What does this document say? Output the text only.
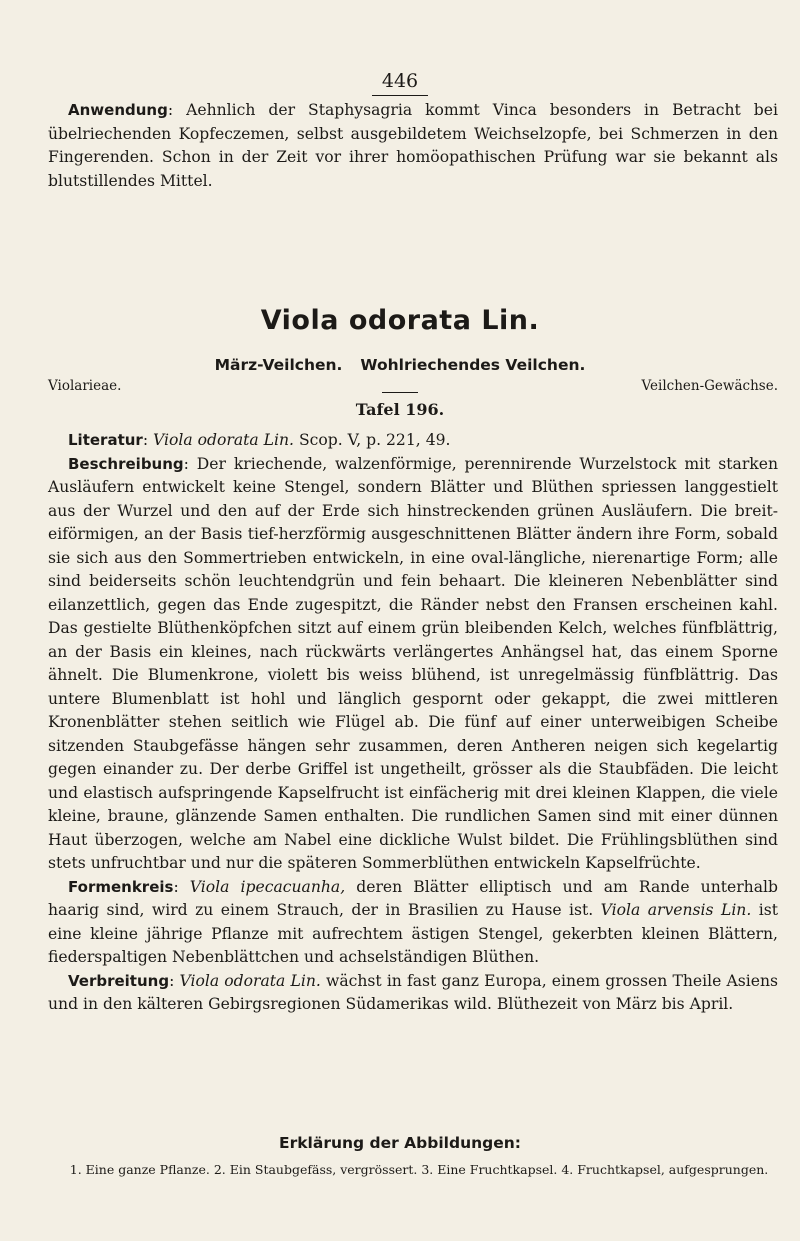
446

Anwendung: Aehnlich der Staphysagria kommt Vinca besonders in Betracht bei übelriechenden Kopfeczemen, selbst ausgebildetem Weichselzopfe, bei Schmerzen in den Fingerenden. Schon in der Zeit vor ihrer homöopathischen Prüfung war sie bekannt als blutstillendes Mittel.

Viola odorata Lin.
März-Veilchen. Wohlriechendes Veilchen.
Violarieae.	Veilchen-Gewächse.
Tafel 196.

Literatur: Viola odorata Lin. Scop. V, p. 221, 49.

Beschreibung: Der kriechende, walzenförmige, perennirende Wurzelstock mit starken Ausläufern entwickelt keine Stengel, sondern Blätter und Blüthen spriessen langgestielt aus der Wurzel und den auf der Erde sich hinstreckenden grünen Ausläufern. Die breit-eiförmigen, an der Basis tief-herzförmig ausgeschnittenen Blätter ändern ihre Form, sobald sie sich aus den Sommertrieben entwickeln, in eine oval-längliche, nierenartige Form; alle sind beiderseits schön leuchtendgrün und fein behaart. Die kleineren Nebenblätter sind eilanzettlich, gegen das Ende zugespitzt, die Ränder nebst den Fransen erscheinen kahl. Das gestielte Blüthenköpfchen sitzt auf einem grün bleibenden Kelch, welches fünfblättrig, an der Basis ein kleines, nach rückwärts verlängertes Anhängsel hat, das einem Sporne ähnelt. Die Blumenkrone, violett bis weiss blühend, ist unregelmässig fünfblättrig. Das untere Blumenblatt ist hohl und länglich gespornt oder gekappt, die zwei mittleren Kronenblätter stehen seitlich wie Flügel ab. Die fünf auf einer unterweibigen Scheibe sitzenden Staubgefässe hängen sehr zusammen, deren Antheren neigen sich kegelartig gegen einander zu. Der derbe Griffel ist ungetheilt, grösser als die Staubfäden. Die leicht und elastisch aufspringende Kapselfrucht ist einfächerig mit drei kleinen Klappen, die viele kleine, braune, glänzende Samen enthalten. Die rundlichen Samen sind mit einer dünnen Haut überzogen, welche am Nabel eine dickliche Wulst bildet. Die Frühlingsblüthen sind stets unfruchtbar und nur die späteren Sommerblüthen entwickeln Kapselfrüchte.

Formenkreis: Viola ipecacuanha, deren Blätter elliptisch und am Rande unterhalb haarig sind, wird zu einem Strauch, der in Brasilien zu Hause ist. Viola arvensis Lin. ist eine kleine jährige Pflanze mit aufrechtem ästigen Stengel, gekerbten kleinen Blättern, fiederspaltigen Nebenblättchen und achselständigen Blüthen.

Verbreitung: Viola odorata Lin. wächst in fast ganz Europa, einem grossen Theile Asiens und in den kälteren Gebirgsregionen Südamerikas wild. Blüthezeit von März bis April.

Erklärung der Abbildungen:
1. Eine ganze Pflanze. 2. Ein Staubgefäss, vergrössert. 3. Eine Fruchtkapsel. 4. Fruchtkapsel, aufgesprungen.
